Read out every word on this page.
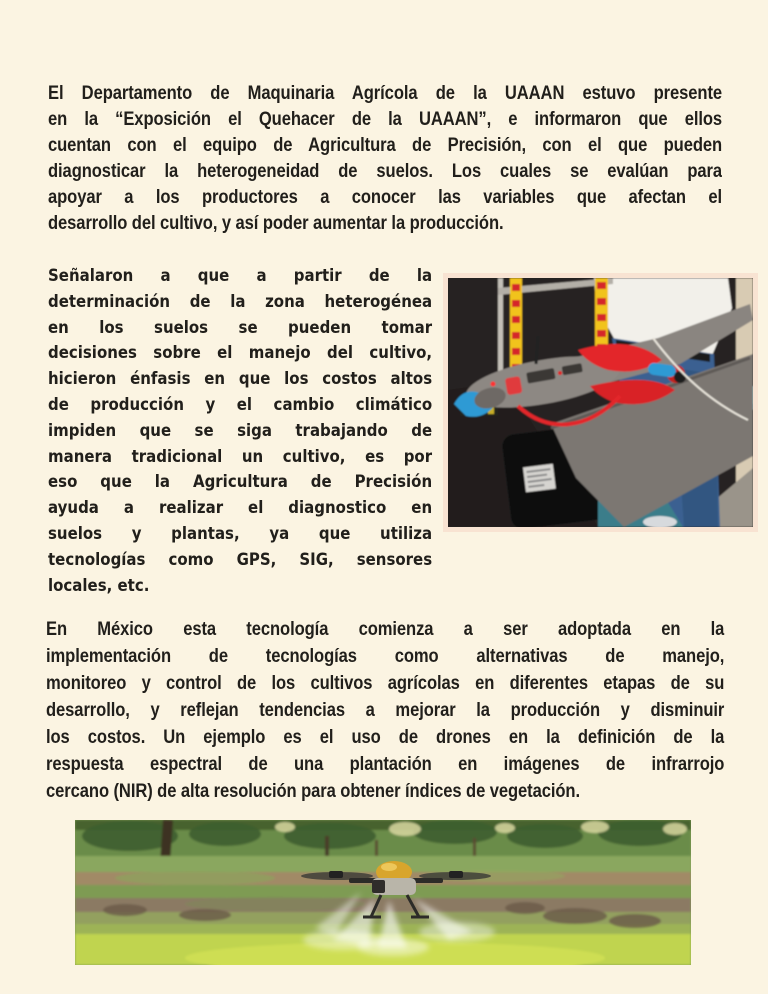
El Departamento de Maquinaria Agrícola de la UAAAN estuvo presente
en la “Exposición el Quehacer de la UAAAN”, e informaron que ellos
cuentan con el equipo de Agricultura de Precisión, con el que pueden
diagnosticar la heterogeneidad de suelos. Los cuales se evalúan para
apoyar a los productores a conocer las variables que afectan el
desarrollo del cultivo, y así poder aumentar la producción.
Señalaron a que a partir de la
determinación de la zona heterogénea
en los suelos se pueden tomar
decisiones sobre el manejo del cultivo,
hicieron énfasis en que los costos altos
de producción y el cambio climático
impiden que se siga trabajando de
manera tradicional un cultivo, es por
eso que la Agricultura de Precisión
ayuda a realizar el diagnostico en
suelos y plantas, ya que utiliza
tecnologías como GPS, SIG, sensores
locales, etc.
En México esta tecnología comienza a ser adoptada en la
implementación de tecnologías como alternativas de manejo,
monitoreo y control de los cultivos agrícolas en diferentes etapas de su
desarrollo, y reflejan tendencias a mejorar la producción y disminuir
los costos. Un ejemplo es el uso de drones en la definición de la
respuesta espectral de una plantación en imágenes de infrarrojo
cercano (NIR) de alta resolución para obtener índices de vegetación.
